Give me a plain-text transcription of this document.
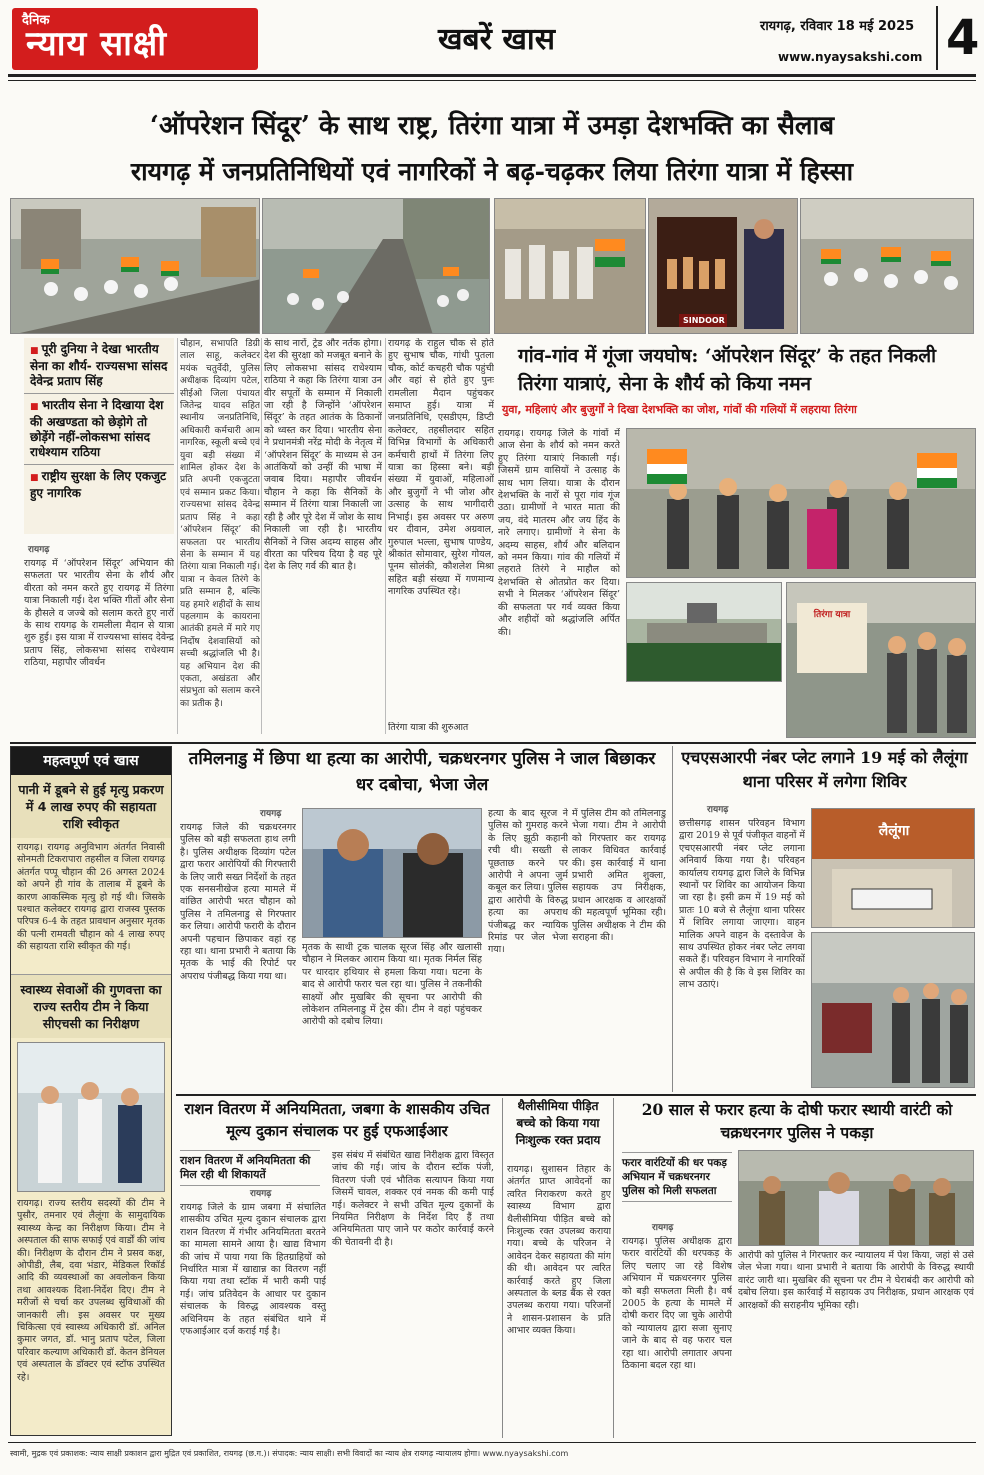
दैनिक
न्याय साक्षी	खबरें खास	रायगढ़, रविवार 18 मई 2025
www.nyaysakshi.com 4
‘ऑपरेशन सिंदूर’ के साथ राष्ट्र, तिरंगा यात्रा में उमड़ा देशभक्ति का सैलाब
रायगढ़ में जनप्रतिनिधियों एवं नागरिकों ने बढ़-चढ़कर लिया तिरंगा यात्रा में हिस्सा
SINDOOR
■ पूरी दुनिया ने देखा भारतीय सेना का शौर्य- राज्यसभा सांसद देवेन्द्र प्रताप सिंह
■ भारतीय सेना ने दिखाया देश की अखण्डता को छेड़ोगे तो छोड़ेंगे नहीं-लोकसभा सांसद राधेश्याम राठिया
■ राष्ट्रीय सुरक्षा के लिए एकजुट हुए नागरिक
रायगढ़
रायगढ़ में ‘ऑपरेशन सिंदूर’ अभियान की सफलता पर भारतीय सेना के शौर्य और वीरता को नमन करते हुए रायगढ़ में तिरंगा यात्रा निकाली गई। देश भक्ति गीतों और सेना के हौसले व जज्बे को सलाम करते हुए नारों के साथ रायगढ़ के रामलीला मैदान से यात्रा शुरु हुई। इस यात्रा में राज्यसभा सांसद देवेन्द्र प्रताप सिंह, लोकसभा सांसद राधेश्याम राठिया, महापौर जीवर्धन
चौहान, सभापति डिग्री लाल साहू, कलेक्टर मयंक चतुर्वेदी, पुलिस अधीक्षक दिव्यांग पटेल, सीईओ जिला पंचायत जितेन्द्र यादव सहित स्थानीय जनप्रतिनिधि, अधिकारी कर्मचारी आम नागरिक, स्कूली बच्चे एवं युवा बड़ी संख्या में शामिल होकर देश के प्रति अपनी एकजुटता एवं सम्मान प्रकट किया। राज्यसभा सांसद देवेन्द्र प्रताप सिंह ने कहा ‘ऑपरेशन सिंदूर’ की सफलता पर भारतीय सेना के सम्मान में यह तिरंगा यात्रा निकाली गई। यात्रा न केवल तिरंगे के प्रति सम्मान है, बल्कि यह हमारे शहीदों के साथ पहलगाम के कायराना आतंकी हमले में मारे गए निर्दोष देशवासियों को सच्ची श्रद्धांजलि भी है। यह अभियान देश की एकता, अखंडता और संप्रभुता को सलाम करने का प्रतीक है।
के साथ नारों, ट्रेड और नर्तक होगा। देश की सुरक्षा को मजबूत बनाने के लिए लोकसभा सांसद राधेश्याम राठिया ने कहा कि तिरंगा यात्रा उन वीर सपूतों के सम्मान में निकाली जा रही है जिन्होंने ‘ऑपरेशन सिंदूर’ के तहत आतंक के ठिकानों को ध्वस्त कर दिया। भारतीय सेना ने प्रधानमंत्री नरेंद्र मोदी के नेतृत्व में ‘ऑपरेशन सिंदूर’ के माध्यम से उन आतंकियों को उन्हीं की भाषा में जवाब दिया। महापौर जीवर्धन चौहान ने कहा कि सैनिकों के सम्मान में तिरंगा यात्रा निकाली जा रही है और पूरे देश में जोश के साथ निकाली जा रही है। भारतीय सैनिकों ने जिस अदम्य साहस और वीरता का परिचय दिया है वह पूरे देश के लिए गर्व की बात है।
रायगढ़ के राहुल चौक से होते हुए सुभाष चौक, गांधी पुतला चौक, कोर्ट कचहरी चौक पहुंची और वहां से होते हुए पुनः रामलीला मैदान पहुंचकर समाप्त हुई। यात्रा में जनप्रतिनिधि, एसडीएम, डिप्टी कलेक्टर, तहसीलदार सहित विभिन्न विभागों के अधिकारी कर्मचारी हाथों में तिरंगा लिए यात्रा का हिस्सा बने। बड़ी संख्या में युवाओं, महिलाओं और बुजुर्गों ने भी जोश और उत्साह के साथ भागीदारी निभाई। इस अवसर पर अरुण धर दीवान, उमेश अग्रवाल, गुरुपाल भल्ला, सुभाष पाण्डेय, श्रीकांत सोमावार, सुरेश गोयल, पूनम सोलंकी, कौशलेश मिश्रा सहित बड़ी संख्या में गणमान्य नागरिक उपस्थित रहे।
तिरंगा यात्रा की शुरुआत
गांव-गांव में गूंजा जयघोष: ‘ऑपरेशन सिंदूर’ के तहत निकली तिरंगा यात्राएं, सेना के शौर्य को किया नमन
युवा, महिलाएं और बुजुर्गों ने दिखा देशभक्ति का जोश, गांवों की गलियों में लहराया तिरंगा
रायगढ़। रायगढ़ जिले के गांवों में आज सेना के शौर्य को नमन करते हुए तिरंगा यात्राएं निकाली गई। जिसमें ग्राम वासियों ने उत्साह के साथ भाग लिया। यात्रा के दौरान देशभक्ति के नारों से पूरा गांव गूंज उठा। ग्रामीणों ने भारत माता की जय, वंदे मातरम और जय हिंद के नारे लगाए। ग्रामीणों ने सेना के अदम्य साहस, शौर्य और बलिदान को नमन किया। गांव की गलियों में लहराते तिरंगे ने माहौल को देशभक्ति से ओतप्रोत कर दिया। सभी ने मिलकर ‘ऑपरेशन सिंदूर’ की सफलता पर गर्व व्यक्त किया और शहीदों को श्रद्धांजलि अर्पित की।
तिरंगा यात्रा
महत्वपूर्ण एवं खास
पानी में डूबने से हुई मृत्यु प्रकरण में 4 लाख रुपए की सहायता राशि स्वीकृत
रायगढ़। रायगढ़ अनुविभाग अंतर्गत निवासी सोनमती टिकरापारा तहसील व जिला रायगढ़ अंतर्गत पप्पू चौहान की 26 अगस्त 2024 को अपने ही गांव के तालाब में डूबने के कारण आकस्मिक मृत्यु हो गई थी। जिसके पश्चात कलेक्टर रायगढ़ द्वारा राजस्व पुस्तक परिपत्र 6-4 के तहत प्रावधान अनुसार मृतक की पत्नी रामवती चौहान को 4 लाख रुपए की सहायता राशि स्वीकृत की गई।
स्वास्थ्य सेवाओं की गुणवत्ता का राज्य स्तरीय टीम ने किया सीएचसी का निरीक्षण
रायगढ़। राज्य स्तरीय सदस्यों की टीम ने पुसौर, तमनार एवं लैलूंगा के सामुदायिक स्वास्थ्य केन्द्र का निरीक्षण किया। टीम ने अस्पताल की साफ सफाई एवं वार्डों की जांच की। निरीक्षण के दौरान टीम ने प्रसव कक्ष, ओपीडी, लैब, दवा भंडार, मेडिकल रिकॉर्ड आदि की व्यवस्थाओं का अवलोकन किया तथा आवश्यक दिशा-निर्देश दिए। टीम ने मरीजों से चर्चा कर उपलब्ध सुविधाओं की जानकारी ली। इस अवसर पर मुख्य चिकित्सा एवं स्वास्थ्य अधिकारी डॉ. अनिल कुमार जगत, डॉ. भानु प्रताप पटेल, जिला परिवार कल्याण अधिकारी डॉ. केतन डेनियल एवं अस्पताल के डॉक्टर एवं स्टॉफ उपस्थित रहे।
तमिलनाडु में छिपा था हत्या का आरोपी, चक्रधरनगर पुलिस ने जाल बिछाकर धर दबोचा, भेजा जेल
रायगढ़
रायगढ़ जिले की चक्रधरनगर पुलिस को बड़ी सफलता हाथ लगी है। पुलिस अधीक्षक दिव्यांग पटेल द्वारा फरार आरोपियों की गिरफ्तारी के लिए जारी सख्त निर्देशों के तहत एक सनसनीखेज हत्या मामले में वांछित आरोपी भरत चौहान को पुलिस ने तमिलनाडु से गिरफ्तार कर लिया। आरोपी फरारी के दौरान अपनी पहचान छिपाकर वहां रह रहा था। थाना प्रभारी ने बताया कि मृतक के भाई की रिपोर्ट पर अपराध पंजीबद्ध किया गया था।
मृतक के साथी ट्रक चालक सूरज सिंह और खलासी चौहान ने मिलकर आराम किया था। मृतक निर्मल सिंह पर धारदार हथियार से हमला किया गया। घटना के बाद से आरोपी फरार चल रहा था। पुलिस ने तकनीकी साक्ष्यों और मुखबिर की सूचना पर आरोपी की लोकेशन तमिलनाडु में ट्रेस की। टीम ने वहां पहुंचकर आरोपी को दबोच लिया।
हत्या के बाद सूरज ने पुलिस को गुमराह करने के लिए झूठी कहानी रची थी। सख्ती से पूछताछ करने पर आरोपी ने अपना जुर्म कबूल कर लिया। पुलिस द्वारा आरोपी के विरुद्ध हत्या का अपराध पंजीबद्ध कर न्यायिक रिमांड पर जेल भेजा गया।
में पुलिस टीम को तमिलनाडु भेजा गया। टीम ने आरोपी को गिरफ्तार कर रायगढ़ लाकर विधिवत कार्रवाई की। इस कार्रवाई में थाना प्रभारी अमित शुक्ला, सहायक उप निरीक्षक, प्रधान आरक्षक व आरक्षकों की महत्वपूर्ण भूमिका रही। पुलिस अधीक्षक ने टीम की सराहना की।
एचएसआरपी नंबर प्लेट लगाने 19 मई को लैलूंगा थाना परिसर में लगेगा शिविर
रायगढ़
छत्तीसगढ़ शासन परिवहन विभाग द्वारा 2019 से पूर्व पंजीकृत वाहनों में एचएसआरपी नंबर प्लेट लगाना अनिवार्य किया गया है। परिवहन कार्यालय रायगढ़ द्वारा जिले के विभिन्न स्थानों पर शिविर का आयोजन किया जा रहा है। इसी क्रम में 19 मई को प्रातः 10 बजे से लैलूंगा थाना परिसर में शिविर लगाया जाएगा। वाहन मालिक अपने वाहन के दस्तावेज के साथ उपस्थित होकर नंबर प्लेट लगवा सकते हैं। परिवहन विभाग ने नागरिकों से अपील की है कि वे इस शिविर का लाभ उठाएं।
लैलूंगा
राशन वितरण में अनियमितता, जबगा के शासकीय उचित मूल्य दुकान संचालक पर हुई एफआईआर
राशन वितरण में अनियमितता की मिल रही थी शिकायतें
रायगढ़
रायगढ़ जिले के ग्राम जबगा में संचालित शासकीय उचित मूल्य दुकान संचालक द्वारा राशन वितरण में गंभीर अनियमितता बरतने का मामला सामने आया है। खाद्य विभाग की जांच में पाया गया कि हितग्राहियों को निर्धारित मात्रा में खाद्यान्न का वितरण नहीं किया गया तथा स्टॉक में भारी कमी पाई गई। जांच प्रतिवेदन के आधार पर दुकान संचालक के विरुद्ध आवश्यक वस्तु अधिनियम के तहत संबंधित थाने में एफआईआर दर्ज कराई गई है।
इस संबंध में संबंधित खाद्य निरीक्षक द्वारा विस्तृत जांच की गई। जांच के दौरान स्टॉक पंजी, वितरण पंजी एवं भौतिक सत्यापन किया गया जिसमें चावल, शक्कर एवं नमक की कमी पाई गई। कलेक्टर ने सभी उचित मूल्य दुकानों के नियमित निरीक्षण के निर्देश दिए हैं तथा अनियमितता पाए जाने पर कठोर कार्रवाई करने की चेतावनी दी है।
थैलीसीमिया पीड़ित बच्चे को किया गया निःशुल्क रक्त प्रदाय
रायगढ़। सुशासन तिहार के अंतर्गत प्राप्त आवेदनों का त्वरित निराकरण करते हुए स्वास्थ्य विभाग द्वारा थैलीसीमिया पीड़ित बच्चे को निःशुल्क रक्त उपलब्ध कराया गया। बच्चे के परिजन ने आवेदन देकर सहायता की मांग की थी। आवेदन पर त्वरित कार्रवाई करते हुए जिला अस्पताल के ब्लड बैंक से रक्त उपलब्ध कराया गया। परिजनों ने शासन-प्रशासन के प्रति आभार व्यक्त किया।
20 साल से फरार हत्या के दोषी फरार स्थायी वारंटी को चक्रधरनगर पुलिस ने पकड़ा
फरार वारंटियों की धर पकड़ अभियान में चक्रधरनगर पुलिस को मिली सफलता
रायगढ़
रायगढ़। पुलिस अधीक्षक द्वारा फरार वारंटियों की धरपकड़ के लिए चलाए जा रहे विशेष अभियान में चक्रधरनगर पुलिस को बड़ी सफलता मिली है। वर्ष 2005 के हत्या के मामले में दोषी करार दिए जा चुके आरोपी को न्यायालय द्वारा सजा सुनाए जाने के बाद से वह फरार चल रहा था। आरोपी लगातार अपना ठिकाना बदल रहा था।
आरोपी को पुलिस ने गिरफ्तार कर न्यायालय में पेश किया, जहां से उसे जेल भेजा गया। थाना प्रभारी ने बताया कि आरोपी के विरुद्ध स्थायी वारंट जारी था। मुखबिर की सूचना पर टीम ने घेराबंदी कर आरोपी को दबोच लिया। इस कार्रवाई में सहायक उप निरीक्षक, प्रधान आरक्षक एवं आरक्षकों की सराहनीय भूमिका रही।
स्वामी, मुद्रक एवं प्रकाशक: न्याय साक्षी प्रकाशन द्वारा मुद्रित एवं प्रकाशित, रायगढ़ (छ.ग.)। संपादक: न्याय साक्षी। सभी विवादों का न्याय क्षेत्र रायगढ़ न्यायालय होगा। www.nyaysakshi.com
